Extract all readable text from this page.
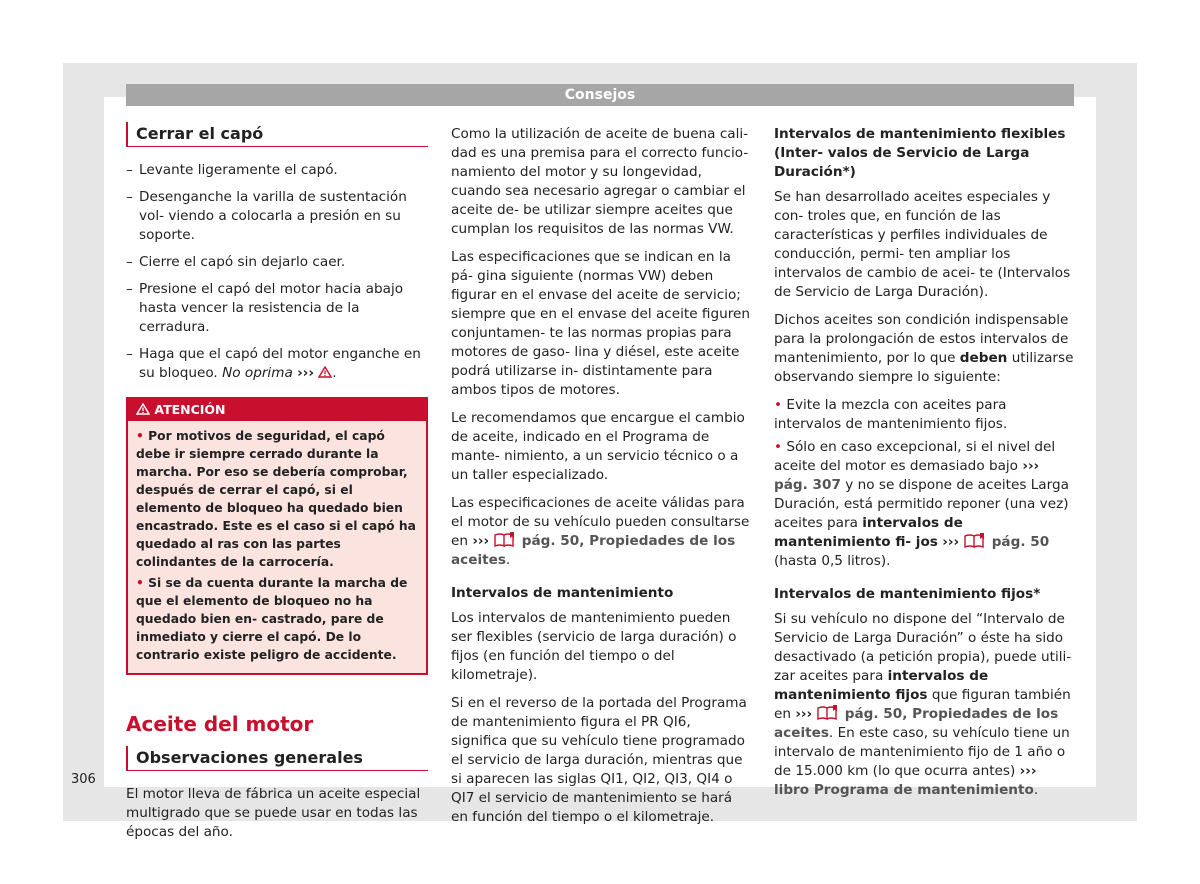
Consejos
306
Cerrar el capó
– Levante ligeramente el capó.
– Desenganche la varilla de sustentación vol- viendo a colocarla a presión en su soporte.
– Cierre el capó sin dejarlo caer.
– Presione el capó del motor hacia abajo hasta vencer la resistencia de la cerradura.
– Haga que el capó del motor enganche en su bloqueo. No oprima ››› .
ATENCIÓN

• Por motivos de seguridad, el capó debe ir siempre cerrado durante la marcha. Por eso se debería comprobar, después de cerrar el capó, si el elemento de bloqueo ha quedado bien encastrado. Este es el caso si el capó ha quedado al ras con las partes colindantes de la carrocería.

• Si se da cuenta durante la marcha de que el elemento de bloqueo no ha quedado bien en- castrado, pare de inmediato y cierre el capó. De lo contrario existe peligro de accidente.

Aceite del motor
Observaciones generales

El motor lleva de fábrica un aceite especial multigrado que se puede usar en todas las épocas del año.

Como la utilización de aceite de buena cali- dad es una premisa para el correcto funcio- namiento del motor y su longevidad, cuando sea necesario agregar o cambiar el aceite de- be utilizar siempre aceites que cumplan los requisitos de las normas VW.

Las especificaciones que se indican en la pá- gina siguiente (normas VW) deben figurar en el envase del aceite de servicio; siempre que en el envase del aceite figuren conjuntamen- te las normas propias para motores de gaso- lina y diésel, este aceite podrá utilizarse in- distintamente para ambos tipos de motores.

Le recomendamos que encargue el cambio de aceite, indicado en el Programa de mante- nimiento, a un servicio técnico o a un taller especializado.

Las especificaciones de aceite válidas para el motor de su vehículo pueden consultarse en ››› pág. 50, Propiedades de los aceites.

Intervalos de mantenimiento

Los intervalos de mantenimiento pueden ser flexibles (servicio de larga duración) o fijos (en función del tiempo o del kilometraje).

Si en el reverso de la portada del Programa de mantenimiento figura el PR QI6, significa que su vehículo tiene programado el servicio de larga duración, mientras que si aparecen las siglas QI1, QI2, QI3, QI4 o QI7 el servicio de mantenimiento se hará en función del tiempo o el kilometraje.

Intervalos de mantenimiento flexibles (Inter- valos de Servicio de Larga Duración*)

Se han desarrollado aceites especiales y con- troles que, en función de las características y perfiles individuales de conducción, permi- ten ampliar los intervalos de cambio de acei- te (Intervalos de Servicio de Larga Duración).

Dichos aceites son condición indispensable para la prolongación de estos intervalos de mantenimiento, por lo que deben utilizarse observando siempre lo siguiente:

• Evite la mezcla con aceites para intervalos de mantenimiento fijos.
• Sólo en caso excepcional, si el nivel del aceite del motor es demasiado bajo ››› pág. 307 y no se dispone de aceites Larga Duración, está permitido reponer (una vez) aceites para intervalos de mantenimiento fi- jos ››› pág. 50 (hasta 0,5 litros).

Intervalos de mantenimiento fijos*

Si su vehículo no dispone del “Intervalo de Servicio de Larga Duración” o éste ha sido desactivado (a petición propia), puede utili- zar aceites para intervalos de mantenimiento fijos que figuran también en ››› pág. 50, Propiedades de los aceites. En este caso, su vehículo tiene un intervalo de mantenimiento fijo de 1 año o de 15.000 km (lo que ocurra antes) ››› libro Programa de mantenimiento.
